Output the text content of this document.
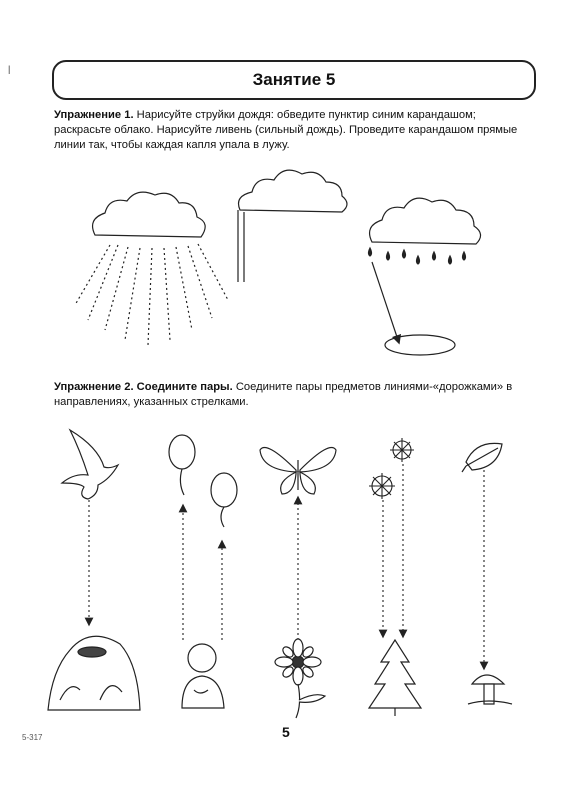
|
Занятие 5
Упражнение 1. Нарисуйте струйки дождя: обведите пунктир синим карандашом; раскрасьте облако. Нарисуйте ливень (сильный дождь). Проведите карандашом прямые линии так, чтобы каждая капля упала в лужу.
Упражнение 2. Соедините пары. Соедините пары предметов линиями-«дорожками» в направлениях, указанных стрелками.
5
5-317
